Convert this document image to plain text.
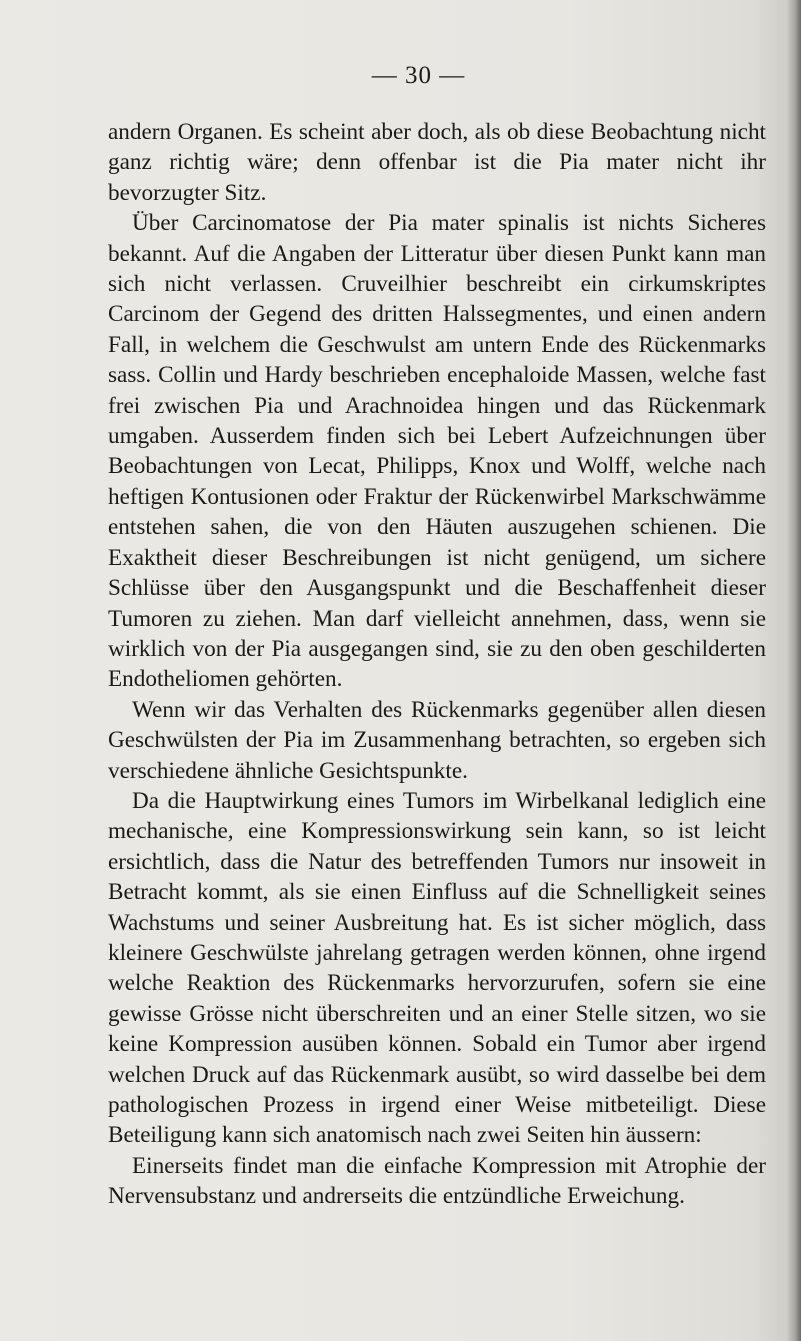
— 30 —

andern Organen. Es scheint aber doch, als ob diese Beobachtung nicht ganz richtig wäre; denn offenbar ist die Pia mater nicht ihr bevorzugter Sitz.

Über Carcinomatose der Pia mater spinalis ist nichts Sicheres bekannt. Auf die Angaben der Litteratur über diesen Punkt kann man sich nicht verlassen. Cruveilhier beschreibt ein cirkumskriptes Carcinom der Gegend des dritten Halssegmentes, und einen andern Fall, in welchem die Geschwulst am untern Ende des Rückenmarks sass. Collin und Hardy beschrieben encephaloide Massen, welche fast frei zwischen Pia und Arachnoidea hingen und das Rückenmark umgaben. Ausserdem finden sich bei Lebert Aufzeichnungen über Beobachtungen von Lecat, Philipps, Knox und Wolff, welche nach heftigen Kontusionen oder Fraktur der Rückenwirbel Markschwämme entstehen sahen, die von den Häuten auszugehen schienen. Die Exaktheit dieser Beschreibungen ist nicht genügend, um sichere Schlüsse über den Ausgangspunkt und die Beschaffenheit dieser Tumoren zu ziehen. Man darf vielleicht annehmen, dass, wenn sie wirklich von der Pia ausgegangen sind, sie zu den oben geschilderten Endotheliomen gehörten.

Wenn wir das Verhalten des Rückenmarks gegenüber allen diesen Geschwülsten der Pia im Zusammenhang betrachten, so ergeben sich verschiedene ähnliche Gesichtspunkte.

Da die Hauptwirkung eines Tumors im Wirbelkanal lediglich eine mechanische, eine Kompressionswirkung sein kann, so ist leicht ersichtlich, dass die Natur des betreffenden Tumors nur insoweit in Betracht kommt, als sie einen Einfluss auf die Schnelligkeit seines Wachstums und seiner Ausbreitung hat. Es ist sicher möglich, dass kleinere Geschwülste jahrelang getragen werden können, ohne irgend welche Reaktion des Rückenmarks hervorzurufen, sofern sie eine gewisse Grösse nicht überschreiten und an einer Stelle sitzen, wo sie keine Kompression ausüben können. Sobald ein Tumor aber irgend welchen Druck auf das Rückenmark ausübt, so wird dasselbe bei dem pathologischen Prozess in irgend einer Weise mitbeteiligt. Diese Beteiligung kann sich anatomisch nach zwei Seiten hin äussern:

Einerseits findet man die einfache Kompression mit Atrophie der Nervensubstanz und andrerseits die entzündliche Erweichung.
